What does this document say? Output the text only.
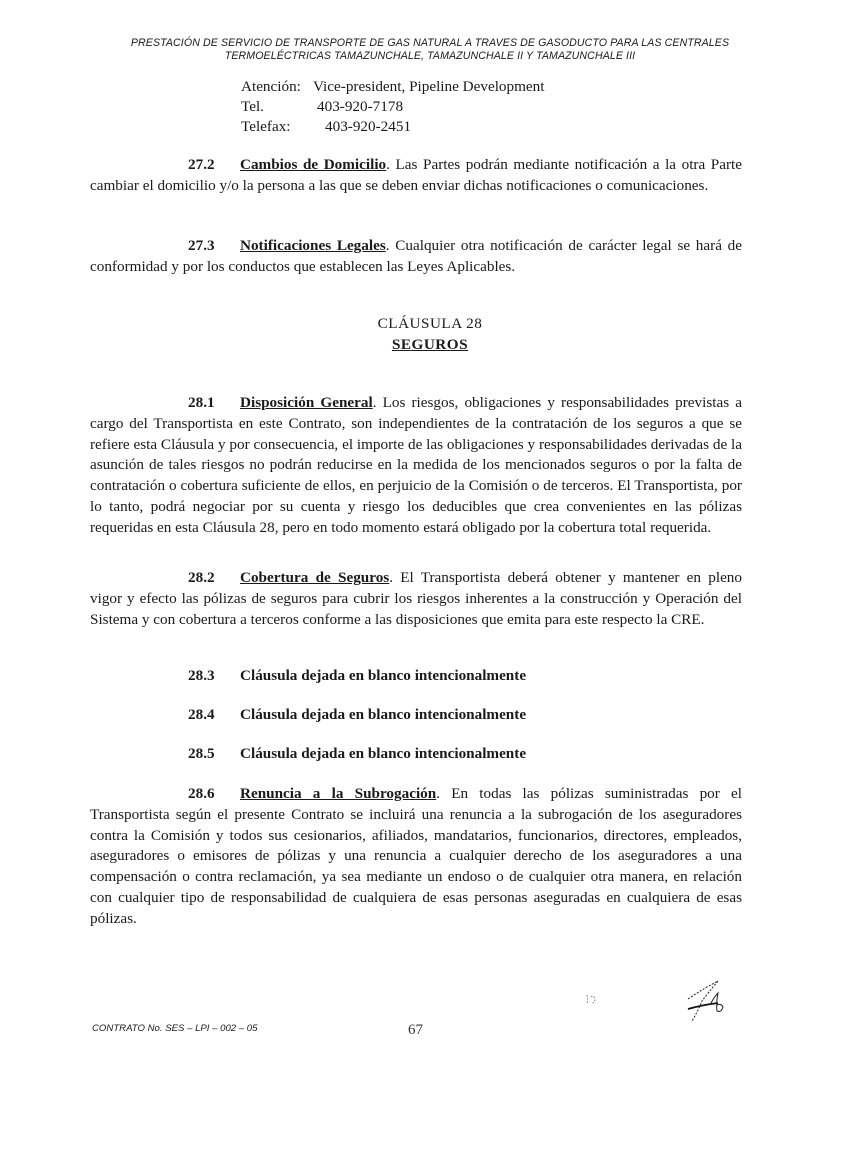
PRESTACIÓN DE SERVICIO DE TRANSPORTE DE GAS NATURAL A TRAVES DE GASODUCTO PARA LAS CENTRALES
TERMOELÉCTRICAS TAMAZUNCHALE, TAMAZUNCHALE II Y TAMAZUNCHALE III
Atención: Vice-president, Pipeline Development
Tel.	403-920-7178
Telefax: 403-920-2451
27.2 Cambios de Domicilio. Las Partes podrán mediante notificación a la otra Parte cambiar el domicilio y/o la persona a las que se deben enviar dichas notificaciones o comunicaciones.
27.3 Notificaciones Legales. Cualquier otra notificación de carácter legal se hará de conformidad y por los conductos que establecen las Leyes Aplicables.
CLÁUSULA 28
SEGUROS
28.1 Disposición General. Los riesgos, obligaciones y responsabilidades previstas a cargo del Transportista en este Contrato, son independientes de la contratación de los seguros a que se refiere esta Cláusula y por consecuencia, el importe de las obligaciones y responsabilidades derivadas de la asunción de tales riesgos no podrán reducirse en la medida de los mencionados seguros o por la falta de contratación o cobertura suficiente de ellos, en perjuicio de la Comisión o de terceros. El Transportista, por lo tanto, podrá negociar por su cuenta y riesgo los deducibles que crea convenientes en las pólizas requeridas en esta Cláusula 28, pero en todo momento estará obligado por la cobertura total requerida.
28.2 Cobertura de Seguros. El Transportista deberá obtener y mantener en pleno vigor y efecto las pólizas de seguros para cubrir los riesgos inherentes a la construcción y Operación del Sistema y con cobertura a terceros conforme a las disposiciones que emita para este respecto la CRE.
28.3 Cláusula dejada en blanco intencionalmente
28.4 Cláusula dejada en blanco intencionalmente
28.5 Cláusula dejada en blanco intencionalmente
28.6 Renuncia a la Subrogación. En todas las pólizas suministradas por el Transportista según el presente Contrato se incluirá una renuncia a la subrogación de los aseguradores contra la Comisión y todos sus cesionarios, afiliados, mandatarios, funcionarios, directores, empleados, aseguradores o emisores de pólizas y una renuncia a cualquier derecho de los aseguradores a una compensación o contra reclamación, ya sea mediante un endoso o de cualquier otra manera, en relación con cualquier tipo de responsabilidad de cualquiera de esas personas aseguradas en cualquiera de esas pólizas.
CONTRATO No. SES – LPI – 002 – 05	67
